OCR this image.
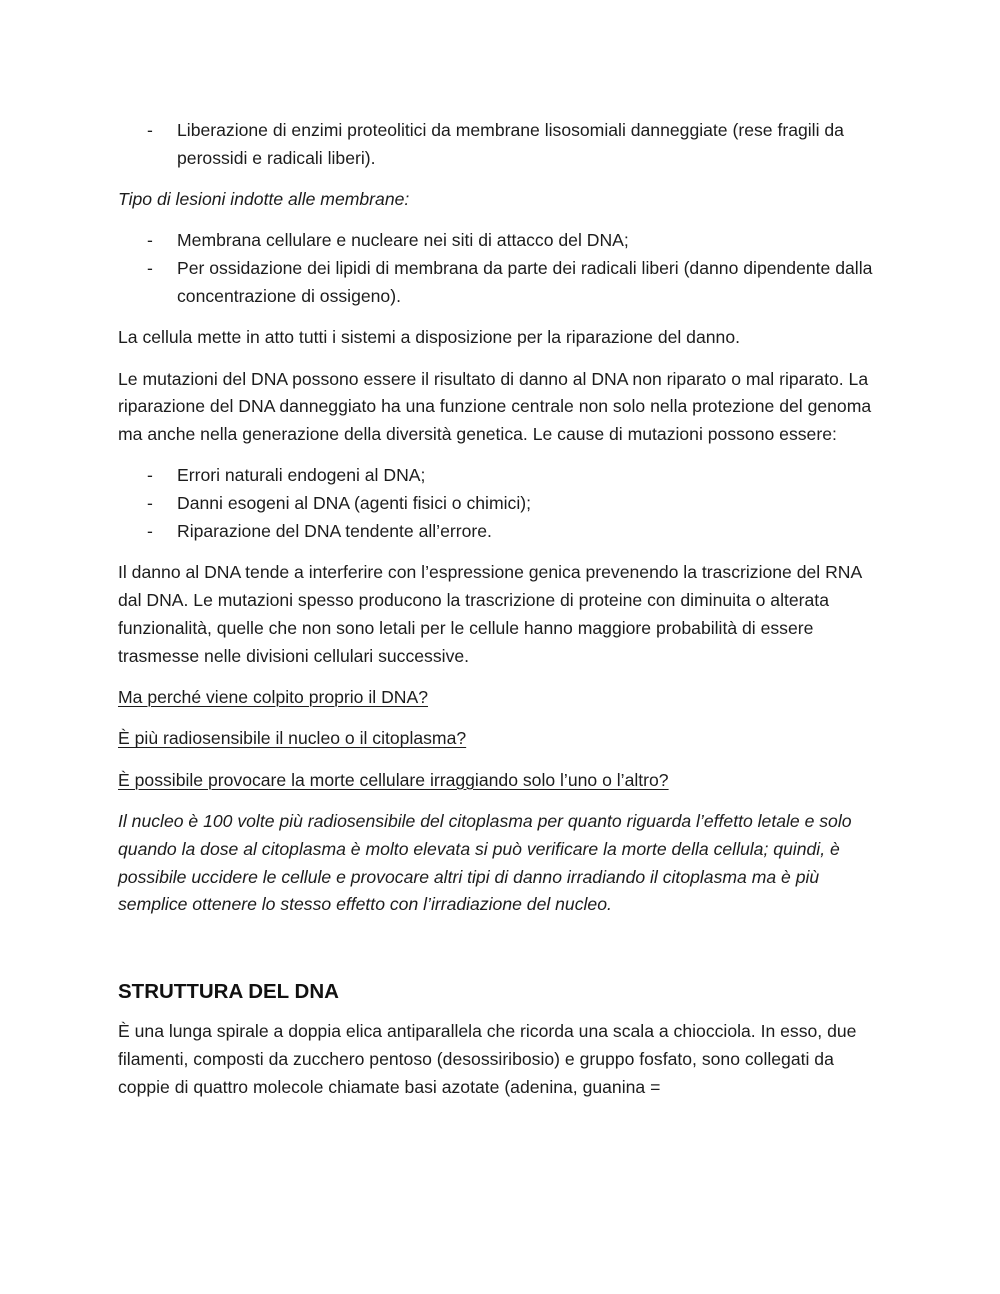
- Liberazione di enzimi proteolitici da membrane lisosomiali danneggiate (rese fragili da perossidi e radicali liberi).

Tipo di lesioni indotte alle membrane:

- Membrana cellulare e nucleare nei siti di attacco del DNA;
- Per ossidazione dei lipidi di membrana da parte dei radicali liberi (danno dipendente dalla concentrazione di ossigeno).

La cellula mette in atto tutti i sistemi a disposizione per la riparazione del danno.

Le mutazioni del DNA possono essere il risultato di danno al DNA non riparato o mal riparato. La riparazione del DNA danneggiato ha una funzione centrale non solo nella protezione del genoma ma anche nella generazione della diversità genetica. Le cause di mutazioni possono essere:

- Errori naturali endogeni al DNA;
- Danni esogeni al DNA (agenti fisici o chimici);
- Riparazione del DNA tendente all’errore.

Il danno al DNA tende a interferire con l’espressione genica prevenendo la trascrizione del RNA dal DNA. Le mutazioni spesso producono la trascrizione di proteine con diminuita o alterata funzionalità, quelle che non sono letali per le cellule hanno maggiore probabilità di essere trasmesse nelle divisioni cellulari successive.

Ma perché viene colpito proprio il DNA?

È più radiosensibile il nucleo o il citoplasma?

È possibile provocare la morte cellulare irraggiando solo l’uno o l’altro?

Il nucleo è 100 volte più radiosensibile del citoplasma per quanto riguarda l’effetto letale e solo quando la dose al citoplasma è molto elevata si può verificare la morte della cellula; quindi, è possibile uccidere le cellule e provocare altri tipi di danno irradiando il citoplasma ma è più semplice ottenere lo stesso effetto con l’irradiazione del nucleo.

STRUTTURA DEL DNA

È una lunga spirale a doppia elica antiparallela che ricorda una scala a chiocciola. In esso, due filamenti, composti da zucchero pentoso (desossiribosio) e gruppo fosfato, sono collegati da coppie di quattro molecole chiamate basi azotate (adenina, guanina =
